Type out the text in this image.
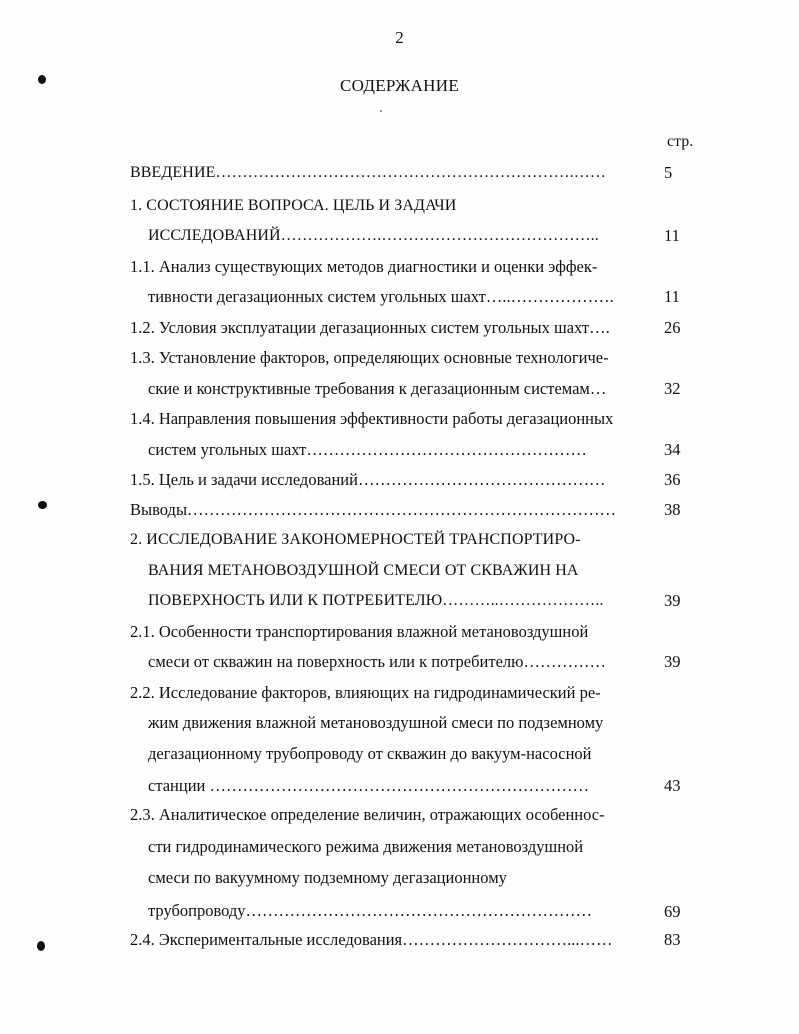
2
СОДЕРЖАНИЕ
стр.
ВВЕДЕНИЕ………………………………………………………….……	5
1. СОСТОЯНИЕ ВОПРОСА. ЦЕЛЬ И ЗАДАЧИ
ИССЛЕДОВАНИЙ……………….…………………………………..	11
1.1. Анализ существующих методов диагностики и оценки эффек-
тивности дегазационных систем угольных шахт…..……………….	11
1.2. Условия эксплуатации дегазационных систем угольных шахт….	26
1.3. Установление факторов, определяющих основные технологиче-
ские и конструктивные требования к дегазационным системам…	32
1.4. Направления повышения эффективности работы дегазационных
систем угольных шахт……………………………………………	34
1.5. Цель и задачи исследований………………………………………	36
Выводы……………………………………………………………………	38
2. ИССЛЕДОВАНИЕ ЗАКОНОМЕРНОСТЕЙ ТРАНСПОРТИРО-
ВАНИЯ МЕТАНОВОЗДУШНОЙ СМЕСИ ОТ СКВАЖИН НА
ПОВЕРХНОСТЬ ИЛИ К ПОТРЕБИТЕЛЮ………..………………..	39
2.1. Особенности транспортирования влажной метановоздушной
смеси от скважин на поверхность или к потребителю……………	39
2.2. Исследование факторов, влияющих на гидродинамический ре-
жим движения влажной метановоздушной смеси по подземному
дегазационному трубопроводу от скважин до вакуум-насосной
станции ……………………………………………………………	43
2.3. Аналитическое определение величин, отражающих особеннос-
сти гидродинамического режима движения метановоздушной
смеси по вакуумному подземному дегазационному
трубопроводу………………………………………………………	69
2.4. Экспериментальные исследования…………………………...……	83
